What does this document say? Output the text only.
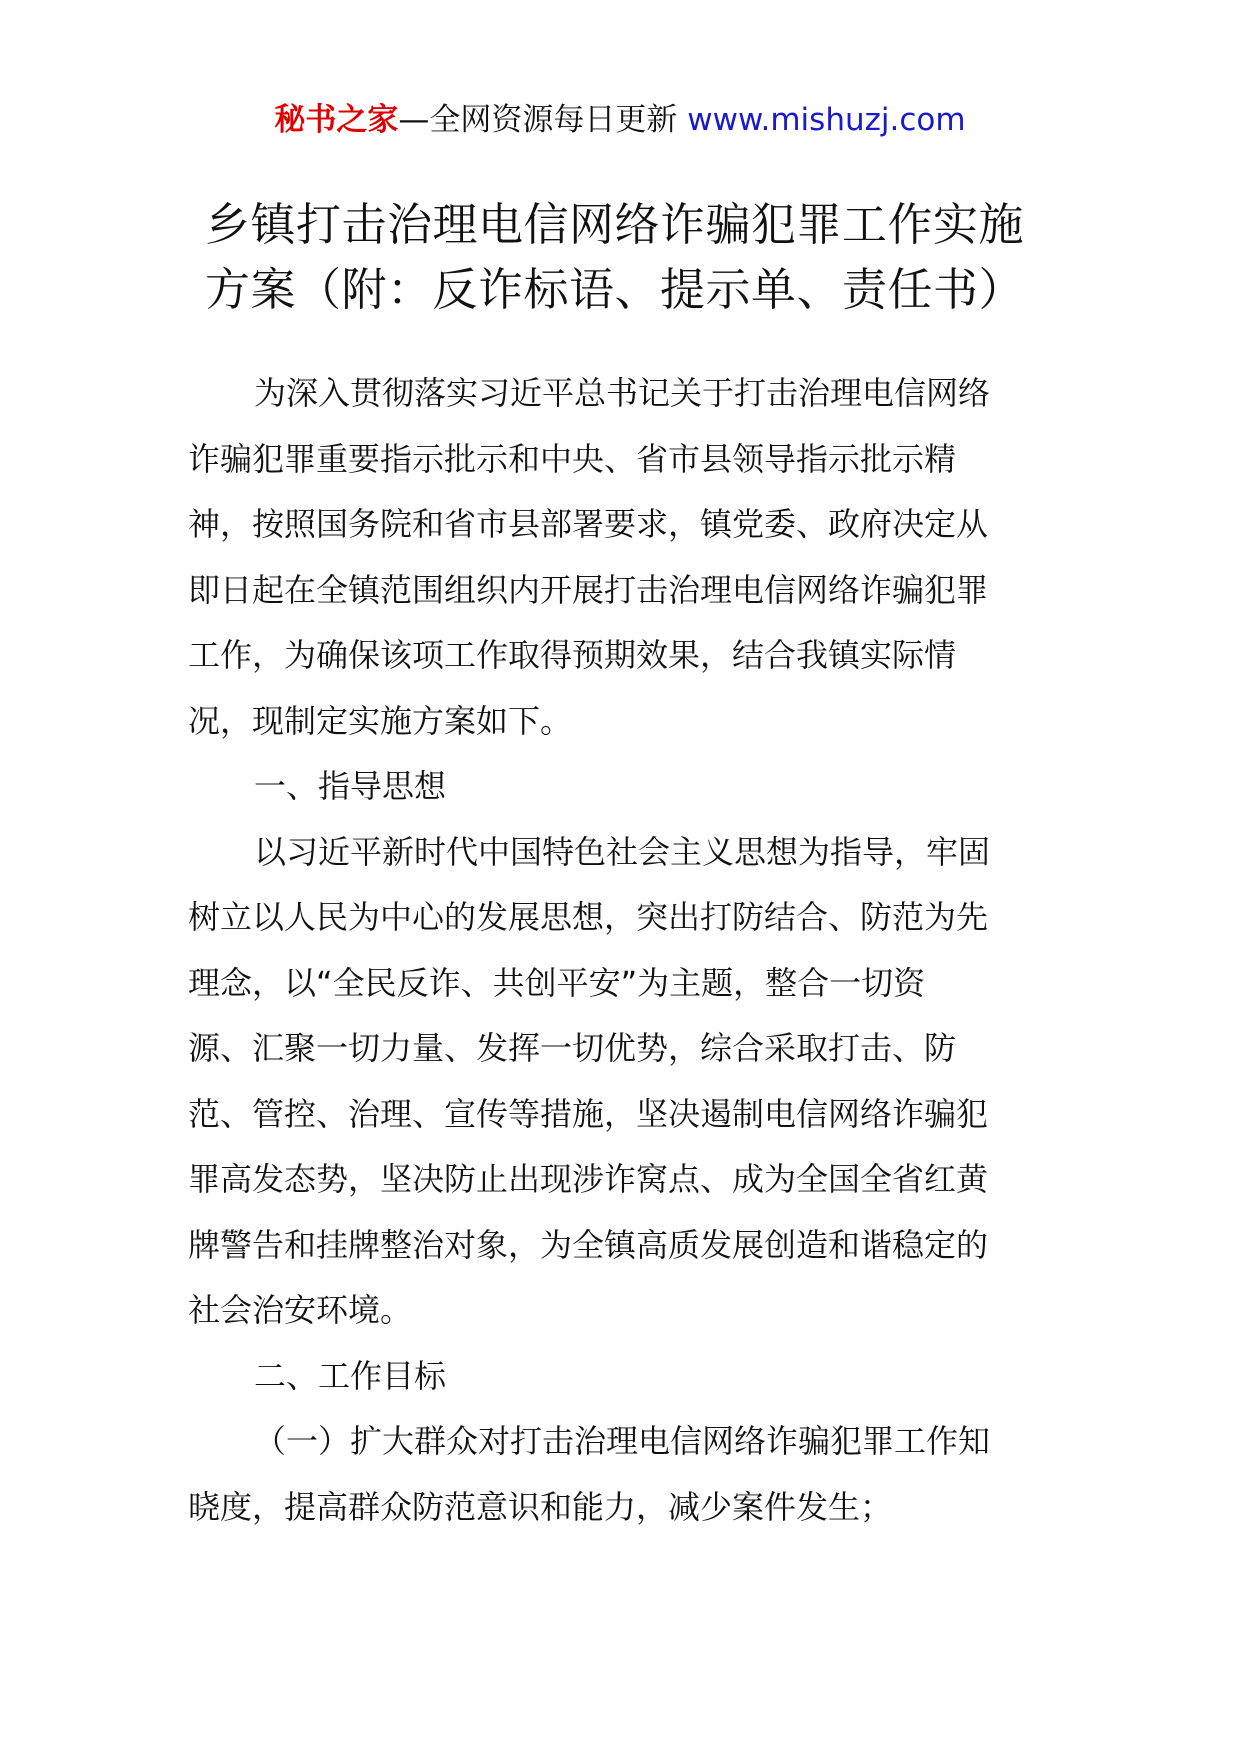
秘书之家—全网资源每日更新 www.mishuzj.com
乡镇打击治理电信网络诈骗犯罪工作实施
方案（附：反诈标语、提示单、责任书）
为深入贯彻落实习近平总书记关于打击治理电信网络
诈骗犯罪重要指示批示和中央、省市县领导指示批示精
神，按照国务院和省市县部署要求，镇党委、政府决定从
即日起在全镇范围组织内开展打击治理电信网络诈骗犯罪
工作，为确保该项工作取得预期效果，结合我镇实际情
况，现制定实施方案如下。
一、指导思想
以习近平新时代中国特色社会主义思想为指导，牢固
树立以人民为中心的发展思想，突出打防结合、防范为先
理念，以“全民反诈、共创平安”为主题，整合一切资
源、汇聚一切力量、发挥一切优势，综合采取打击、防
范、管控、治理、宣传等措施，坚决遏制电信网络诈骗犯
罪高发态势，坚决防止出现涉诈窝点、成为全国全省红黄
牌警告和挂牌整治对象，为全镇高质发展创造和谐稳定的
社会治安环境。
二、工作目标
（一）扩大群众对打击治理电信网络诈骗犯罪工作知
晓度，提高群众防范意识和能力，减少案件发生；
